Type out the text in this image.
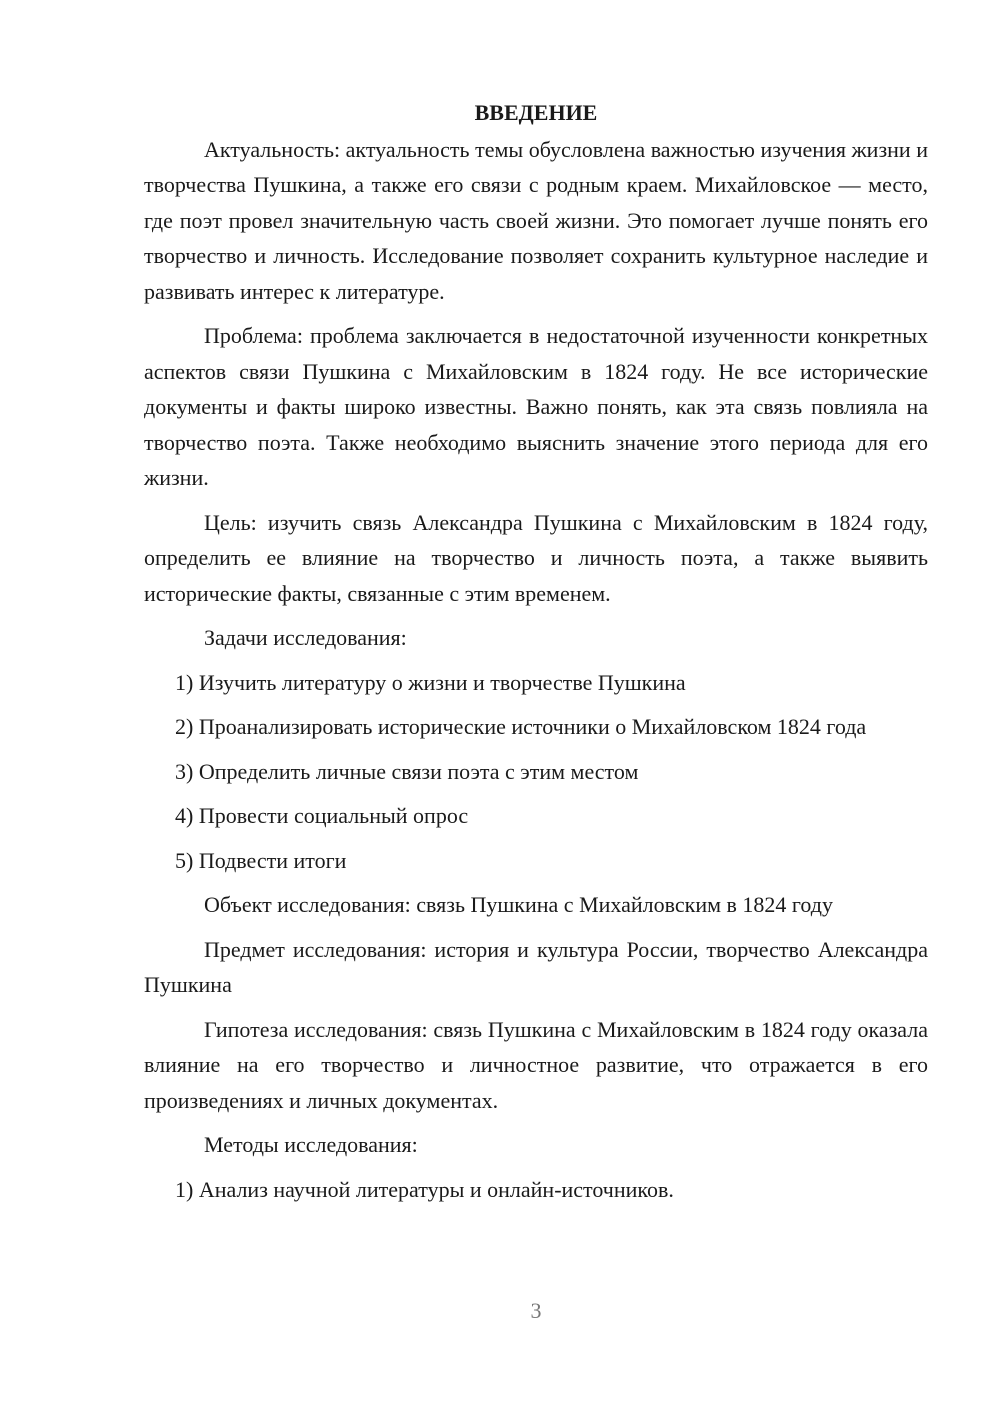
ВВЕДЕНИЕ

Актуальность: актуальность темы обусловлена важностью изучения жизни и творчества Пушкина, а также его связи с родным краем. Михайловское — место, где поэт провел значительную часть своей жизни. Это помогает лучше понять его творчество и личность. Исследование позволяет сохранить культурное наследие и развивать интерес к литературе.

Проблема: проблема заключается в недостаточной изученности конкретных аспектов связи Пушкина с Михайловским в 1824 году. Не все исторические документы и факты широко известны. Важно понять, как эта связь повлияла на творчество поэта. Также необходимо выяснить значение этого периода для его жизни.

Цель: изучить связь Александра Пушкина с Михайловским в 1824 году, определить ее влияние на творчество и личность поэта, а также выявить исторические факты, связанные с этим временем.

Задачи исследования:

1) Изучить литературу о жизни и творчестве Пушкина

2) Проанализировать исторические источники о Михайловском 1824 года

3) Определить личные связи поэта с этим местом

4) Провести социальный опрос

5) Подвести итоги

Объект исследования: связь Пушкина с Михайловским в 1824 году

Предмет исследования: история и культура России, творчество Александра Пушкина

Гипотеза исследования: связь Пушкина с Михайловским в 1824 году оказала влияние на его творчество и личностное развитие, что отражается в его произведениях и личных документах.

Методы исследования:

1) Анализ научной литературы и онлайн-источников.

3
